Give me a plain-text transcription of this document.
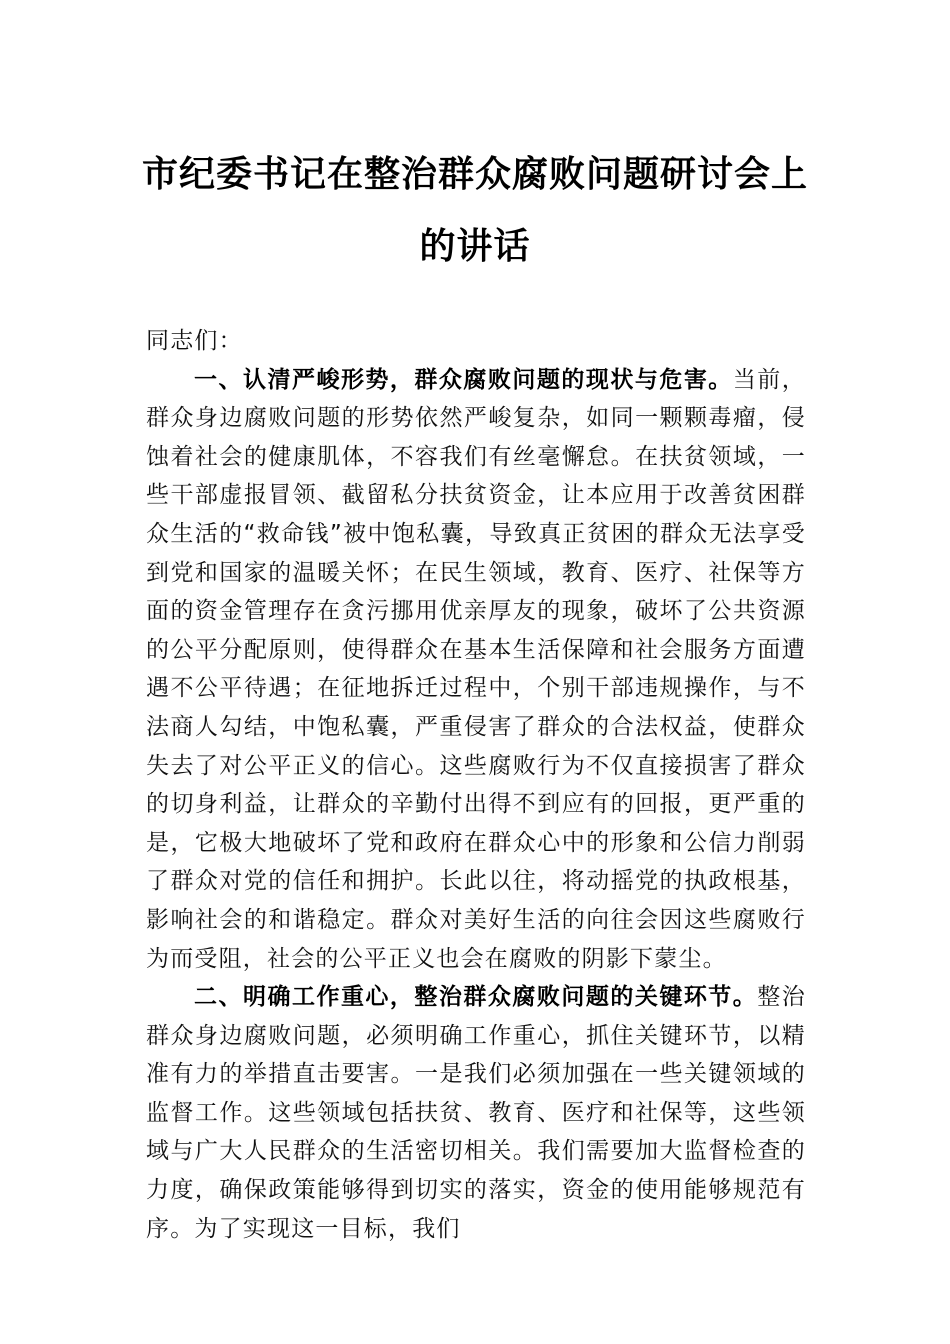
市纪委书记在整治群众腐败问题研讨会上的讲话

同志们：

一、认清严峻形势，群众腐败问题的现状与危害。当前，群众身边腐败问题的形势依然严峻复杂，如同一颗颗毒瘤，侵蚀着社会的健康肌体，不容我们有丝毫懈怠。在扶贫领域，一些干部虚报冒领、截留私分扶贫资金，让本应用于改善贫困群众生活的“救命钱”被中饱私囊，导致真正贫困的群众无法享受到党和国家的温暖关怀；在民生领域，教育、医疗、社保等方面的资金管理存在贪污挪用优亲厚友的现象，破坏了公共资源的公平分配原则，使得群众在基本生活保障和社会服务方面遭遇不公平待遇；在征地拆迁过程中，个别干部违规操作，与不法商人勾结，中饱私囊，严重侵害了群众的合法权益，使群众失去了对公平正义的信心。这些腐败行为不仅直接损害了群众的切身利益，让群众的辛勤付出得不到应有的回报，更严重的是，它极大地破坏了党和政府在群众心中的形象和公信力削弱了群众对党的信任和拥护。长此以往，将动摇党的执政根基，影响社会的和谐稳定。群众对美好生活的向往会因这些腐败行为而受阻，社会的公平正义也会在腐败的阴影下蒙尘。

二、明确工作重心，整治群众腐败问题的关键环节。整治群众身边腐败问题，必须明确工作重心，抓住关键环节，以精准有力的举措直击要害。一是我们必须加强在一些关键领域的监督工作。这些领域包括扶贫、教育、医疗和社保等，这些领域与广大人民群众的生活密切相关。我们需要加大监督检查的力度，确保政策能够得到切实的落实，资金的使用能够规范有序。为了实现这一目标，我们
